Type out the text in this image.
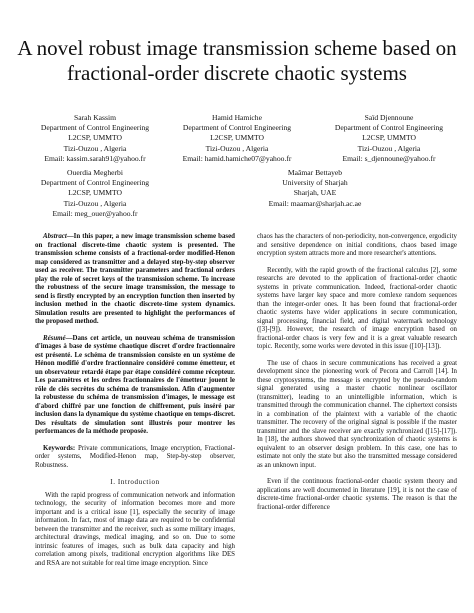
A novel robust image transmission scheme based on
fractional-order discrete chaotic systems
Sarah Kassim
Department of Control Engineering
L2CSP, UMMTO
Tizi-Ouzou , Algeria
Email: kassim.sarah91@yahoo.fr
Hamid Hamiche
Department of Control Engineering
L2CSP, UMMTO
Tizi-Ouzou , Algeria
Email: hamid.hamiche07@yahoo.fr
Saïd Djennoune
Department of Control Engineering
L2CSP, UMMTO
Tizi-Ouzou , Algeria
Email: s_djennoune@yahoo.fr
Ouerdia Megherbi
Department of Control Engineering
L2CSP, UMMTO
Tizi-Ouzou , Algeria
Email: meg_ouer@yahoo.fr
Maâmar Bettayeb
University of Sharjah
Sharjah, UAE
Email: maamar@sharjah.ac.ae

Abstract—In this paper, a new image transmission scheme based on fractional discrete-time chaotic system is presented. The transmission scheme consists of a fractional-order modified-Henon map considered as transmitter and a delayed step-by-step observer used as receiver. The transmitter parameters and fractional orders play the role of secret keys of the transmission scheme. To increase the robustness of the secure image transmission, the message to send is firstly encrypted by an encryption function then inserted by inclusion method in the chaotic discrete-time system dynamics. Simulation results are presented to highlight the performances of the proposed method.

Résumé—Dans cet article, un nouveau schéma de transmission d'images à base de système chaotique discret d'ordre fractionnaire est présenté. Le schéma de transmission consiste en un système de Hénon modifié d'ordre fractionnaire considéré comme émetteur, et un observateur retardé étape par étape considéré comme récepteur. Les paramètres et les ordres fractionnaires de l'émetteur jouent le rôle de clés secrètes du schéma de transmission. Afin d'augmenter la robustesse du schéma de transmission d'images, le message est d'abord chiffré par une fonction de chiffrement, puis inséré par inclusion dans la dynamique du système chaotique en temps-discret. Des résultats de simulation sont illustrés pour montrer les performances de la méthode proposée.

Keywords: Private communications, Image encryption, Fractional-order systems, Modified-Henon map, Step-by-step observer, Robustness.

I. Introduction

With the rapid progress of communication network and information technology, the security of information becomes more and more important and is a critical issue [1], especially the security of image information. In fact, most of image data are required to be confidential between the transmitter and the receiver, such as some military images, architectural drawings, medical imaging, and so on. Due to some intrinsic features of images, such as bulk data capacity and high correlation among pixels, traditional encryption algorithms like DES and RSA are not suitable for real time image encryption. Since

chaos has the characters of non-periodicity, non-convergence, ergodicity and sensitive dependence on initial conditions, chaos based image encryption system attracts more and more researcher's attentions.

Recently, with the rapid growth of the fractional calculus [2], some researchs are devoted to the application of fractional-order chaotic systems in private communication. Indeed, fractional-order chaotic systems have larger key space and more comlexe random sequences than the integer-order ones. It has been found that fractional-order chaotic systems have wider applications in secure communication, signal processing, financial field, and digital watermark technology ([3]-[9]). However, the research of image encryption based on fractional-order chaos is very few and it is a great valuable research topic. Recently, some works were devoted in this issue ([10]-[13]).

The use of chaos in secure communications has received a great development since the pioneering work of Pecora and Carroll [14]. In these cryptosystems, the message is encrypted by the pseudo-random signal generated using a master chaotic nonlinear oscillator (transmitter), leading to an unintelligible information, which is transmitted through the communication channel. The ciphertext consists in a combination of the plaintext with a variable of the chaotic transmitter. The recovery of the original signal is possible if the master transmitter and the slave receiver are exactly synchronized ([15]-[17]). In [18], the authors showed that synchronization of chaotic systems is equivalent to an observer design problem. In this case, one has to estimate not only the state but also the transmitted message considered as an unknown input.

Even if the continuous fractional-order chaotic system theory and applications are well documented in literature [19], it is not the case of discrete-time fractional-order chaotic systems. The reason is that the fractional-order difference
